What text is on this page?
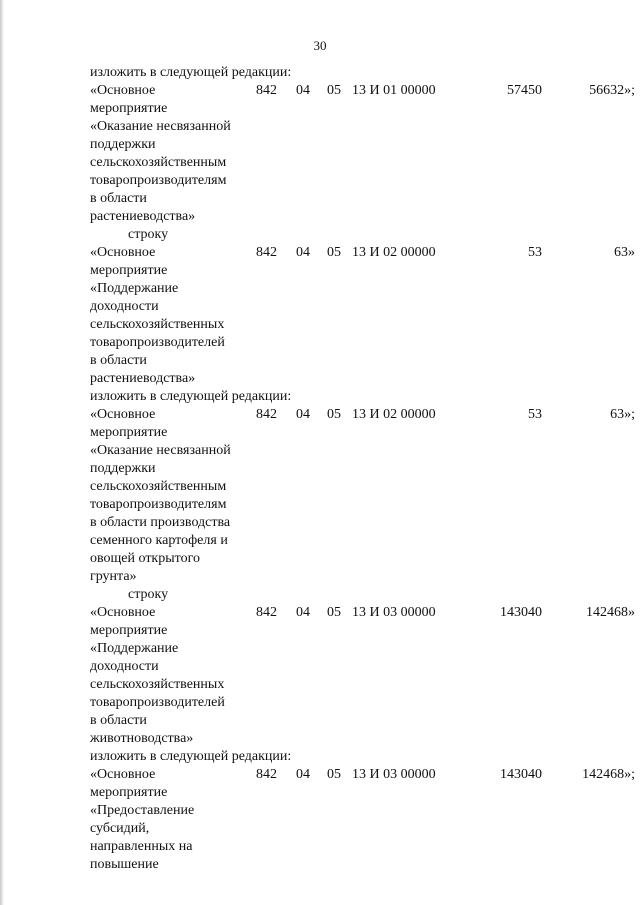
30
изложить в следующей редакции:
«Основное
мероприятие
«Оказание несвязанной
поддержки
сельскохозяйственным
товаропроизводителям
в области
растениеводства»
842 04 05 13 И 01 00000	57450	56632»;
строку
«Основное
мероприятие
«Поддержание
доходности
сельскохозяйственных
товаропроизводителей
в области
растениеводства»
842 04 05 13 И 02 00000	53	63»
изложить в следующей редакции:
«Основное
мероприятие
«Оказание несвязанной
поддержки
сельскохозяйственным
товаропроизводителям
в области производства
семенного картофеля и
овощей открытого
грунта»
842 04 05 13 И 02 00000	53	63»;
строку
«Основное
мероприятие
«Поддержание
доходности
сельскохозяйственных
товаропроизводителей
в области
животноводства»
842 04 05 13 И 03 00000	143040	142468»
изложить в следующей редакции:
«Основное
мероприятие
«Предоставление
субсидий,
направленных на
повышение
842 04 05 13 И 03 00000	143040	142468»;
